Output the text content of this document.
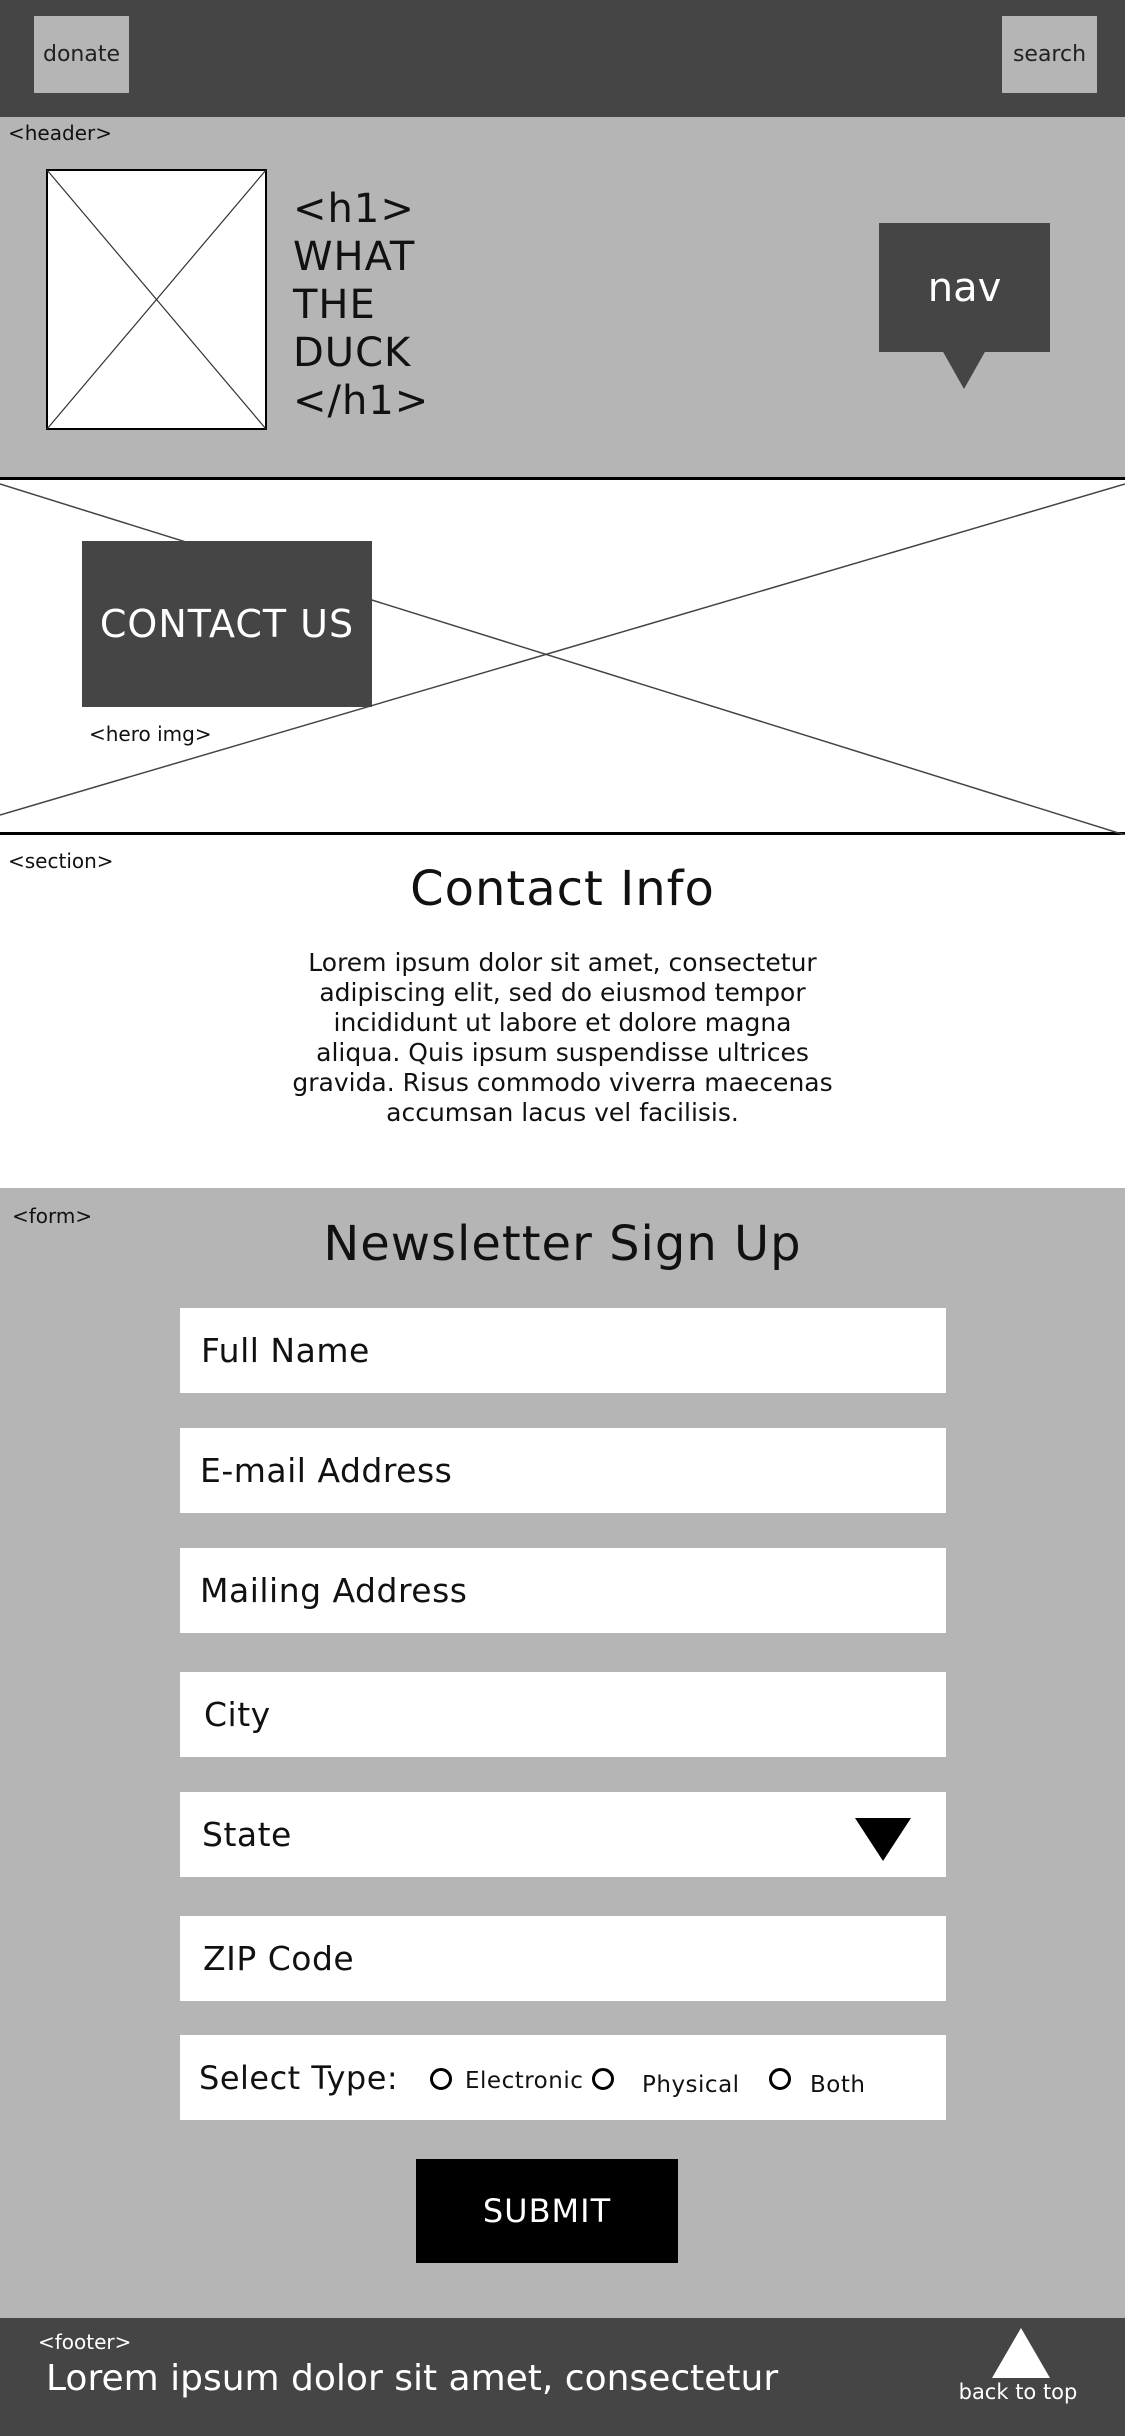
donate	search
<header>
<h1>
WHAT
THE
DUCK
</h1>
nav
CONTACT US
<hero img>
<section>	Contact Info
Lorem ipsum dolor sit amet, consectetur
adipiscing elit, sed do eiusmod tempor
incididunt ut labore et dolore magna
aliqua. Quis ipsum suspendisse ultrices
gravida. Risus commodo viverra maecenas
accumsan lacus vel facilisis.
<form>	Newsletter Sign Up
Full Name
E-mail Address
Mailing Address
City
State
ZIP Code
Select Type:	Electronic	Physical	Both
SUBMIT
<footer>
Lorem ipsum dolor sit amet, consectetur	back to top
